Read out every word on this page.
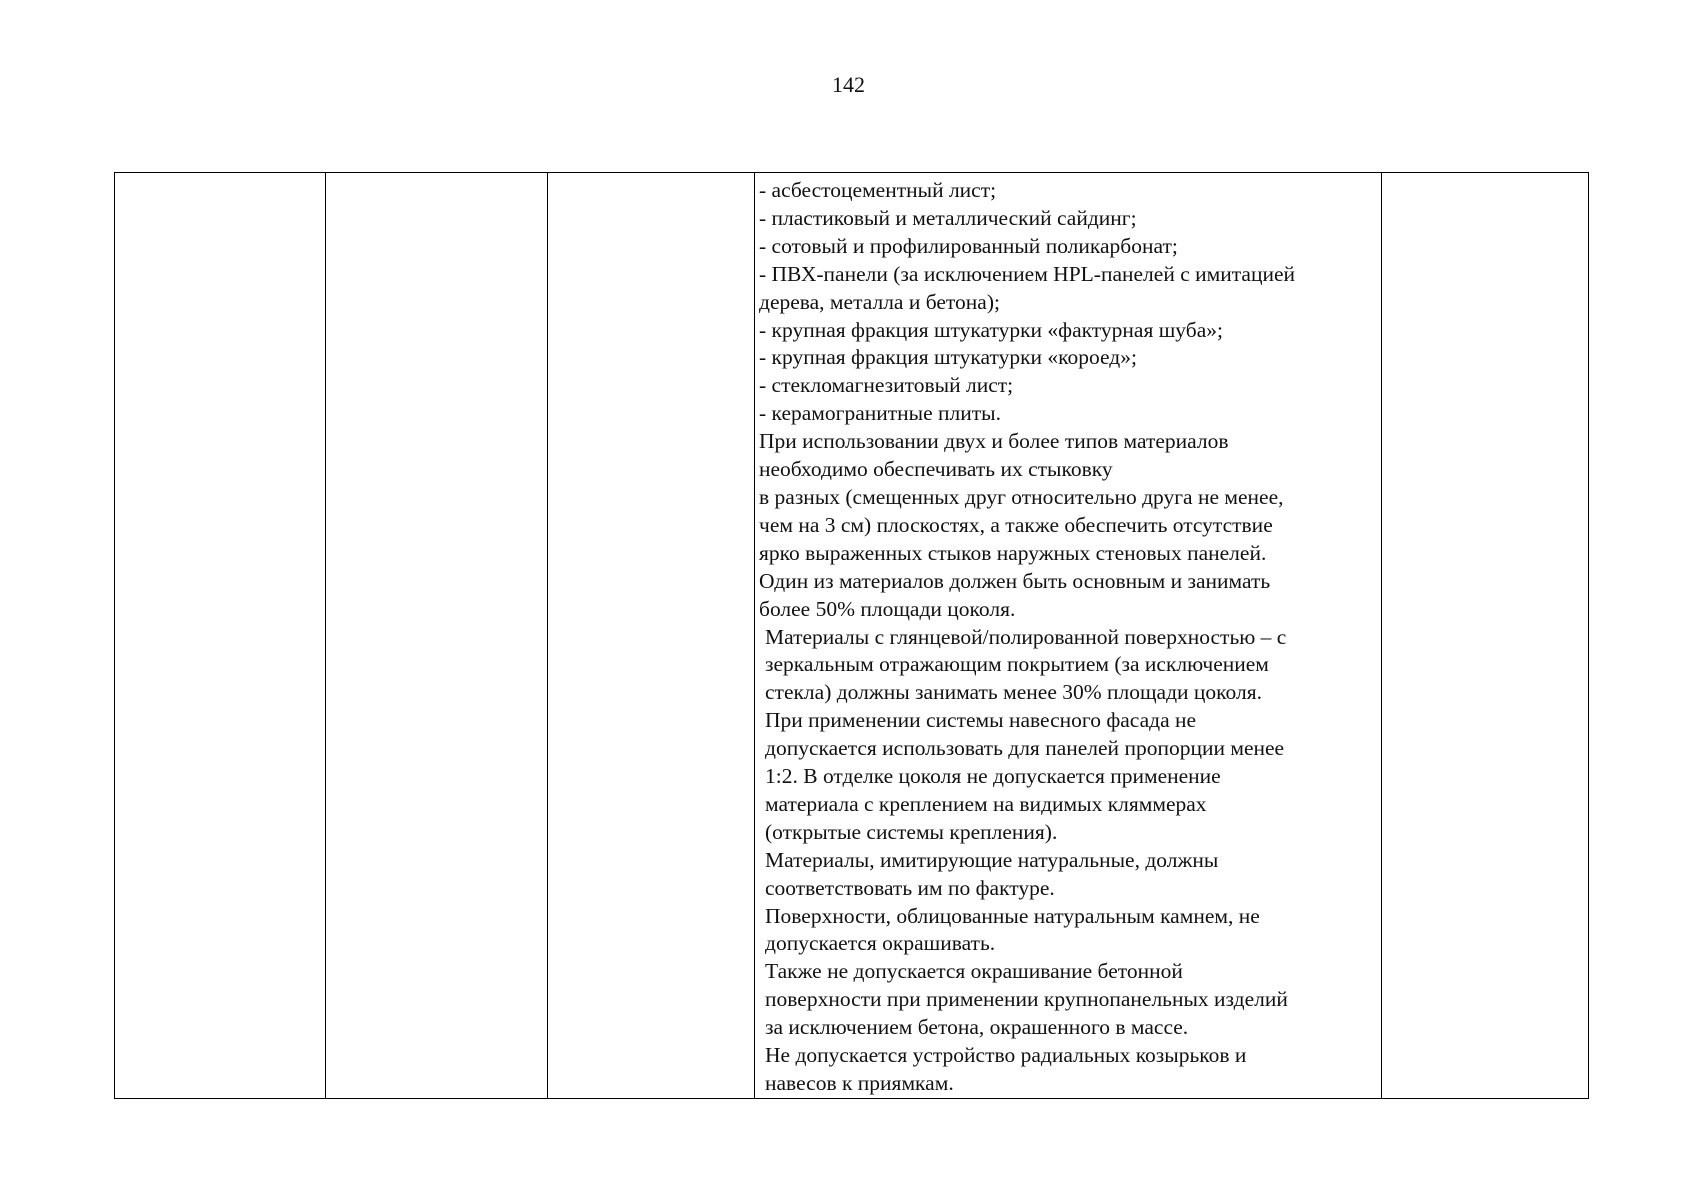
142

- асбестоцементный лист;
- пластиковый и металлический сайдинг;
- сотовый и профилированный поликарбонат;
- ПВХ-панели (за исключением HPL-панелей с имитацией
дерева, металла и бетона);
- крупная фракция штукатурки «фактурная шуба»;
- крупная фракция штукатурки «короед»;
- стекломагнезитовый лист;
- керамогранитные плиты.
При использовании двух и более типов материалов
необходимо обеспечивать их стыковку
в разных (смещенных друг относительно друга не менее,
чем на 3 см) плоскостях, а также обеспечить отсутствие
ярко выраженных стыков наружных стеновых панелей.
Один из материалов должен быть основным и занимать
более 50% площади цоколя.
Материалы с глянцевой/полированной поверхностью – с
зеркальным отражающим покрытием (за исключением
стекла) должны занимать менее 30% площади цоколя.
При применении системы навесного фасада не
допускается использовать для панелей пропорции менее
1:2. В отделке цоколя не допускается применение
материала с креплением на видимых кляммерах
(открытые системы крепления).
Материалы, имитирующие натуральные, должны
соответствовать им по фактуре.
Поверхности, облицованные натуральным камнем, не
допускается окрашивать.
Также не допускается окрашивание бетонной
поверхности при применении крупнопанельных изделий
за исключением бетона, окрашенного в массе.
Не допускается устройство радиальных козырьков и
навесов к приямкам.
